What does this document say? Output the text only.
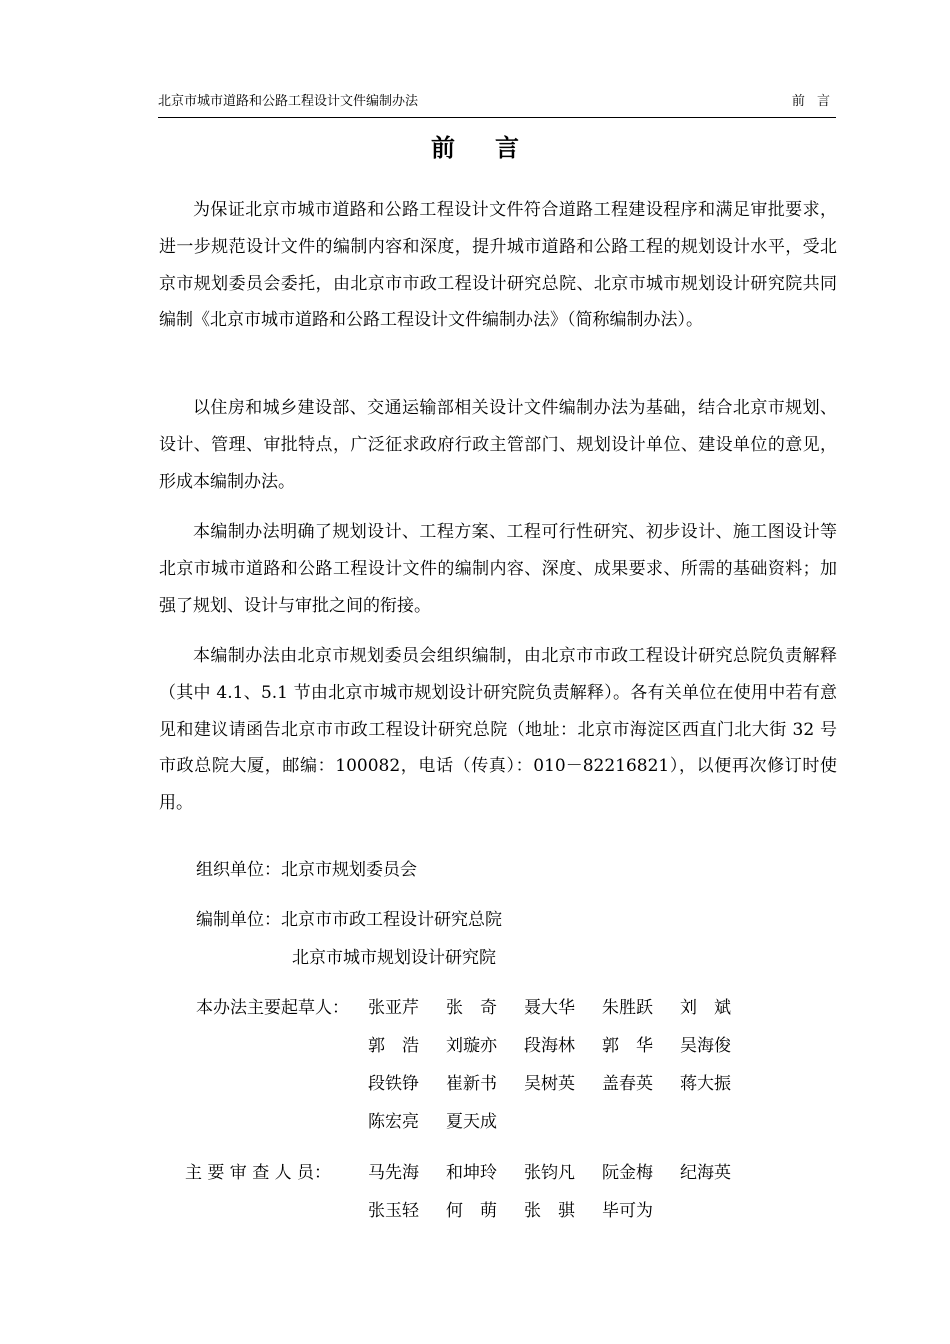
北京市城市道路和公路工程设计文件编制办法	前 言
前言

为保证北京市城市道路和公路工程设计文件符合道路工程建设程序和满足审批要求，进一步规范设计文件的编制内容和深度，提升城市道路和公路工程的规划设计水平，受北京市规划委员会委托，由北京市市政工程设计研究总院、北京市城市规划设计研究院共同编制《北京市城市道路和公路工程设计文件编制办法》（简称编制办法）。

以住房和城乡建设部、交通运输部相关设计文件编制办法为基础，结合北京市规划、设计、管理、审批特点，广泛征求政府行政主管部门、规划设计单位、建设单位的意见，形成本编制办法。

本编制办法明确了规划设计、工程方案、工程可行性研究、初步设计、施工图设计等北京市城市道路和公路工程设计文件的编制内容、深度、成果要求、所需的基础资料；加强了规划、设计与审批之间的衔接。

本编制办法由北京市规划委员会组织编制，由北京市市政工程设计研究总院负责解释（其中 4.1、5.1 节由北京市城市规划设计研究院负责解释）。各有关单位在使用中若有意见和建议请函告北京市市政工程设计研究总院（地址：北京市海淀区西直门北大街 32 号市政总院大厦，邮编：100082，电话（传真）：010－82216821），以便再次修订时使用。

组织单位：北京市规划委员会
编制单位：北京市市政工程设计研究总院
北京市城市规划设计研究院
本办法主要起草人： 张亚芹 张　奇 聂大华 朱胜跃 刘　斌
郭　浩 刘璇亦 段海林 郭　华 吴海俊
段铁铮 崔新书 吴树英 盖春英 蒋大振
陈宏亮 夏天成
主 要 审 查 人 员： 马先海 和坤玲 张钧凡 阮金梅 纪海英
张玉轻 何　萌 张　骐 毕可为
